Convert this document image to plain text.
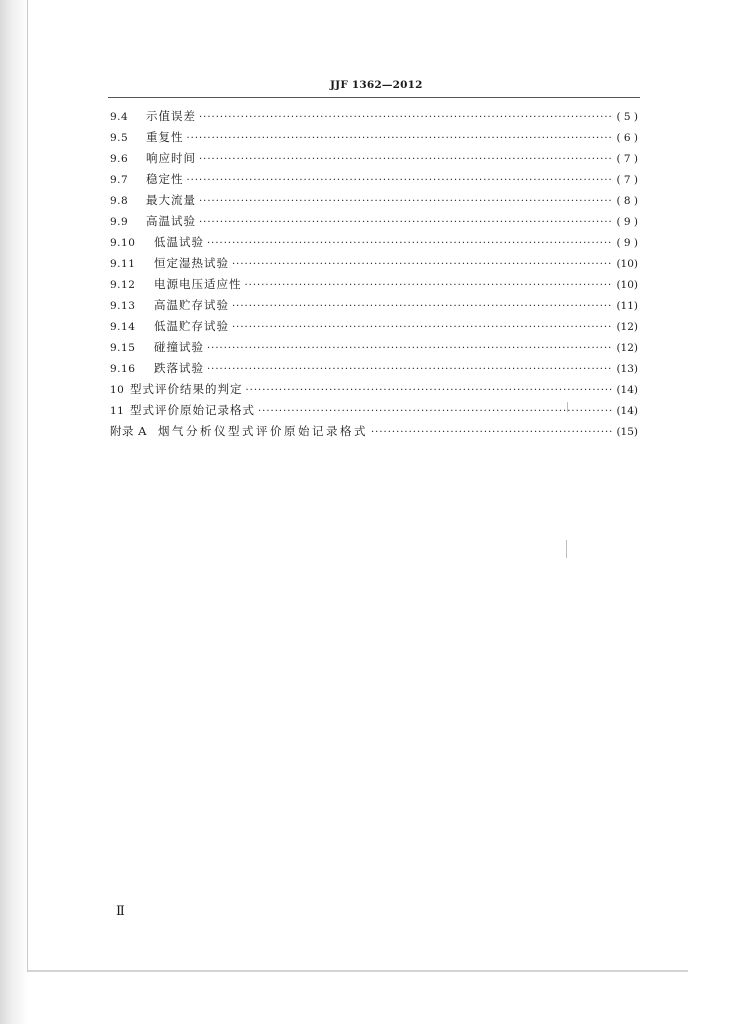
JJF 1362—2012
9.4	示值误差 ·····	( 5 )
9.5	重复性 ·····	( 6 )
9.6	响应时间 ·····	( 7 )
9.7	稳定性 ·····	( 7 )
9.8	最大流量 ·····	( 8 )
9.9	高温试验 ·····	( 9 )
9.10	低温试验 ·····	( 9 )
9.11	恒定湿热试验 ·····	(10)
9.12	电源电压适应性 ·····	(10)
9.13	高温贮存试验 ·····	(11)
9.14	低温贮存试验 ·····	(12)
9.15	碰撞试验 ·····	(12)
9.16	跌落试验 ·····	(13)
10 型式评价结果的判定 ·····	(14)
11 型式评价原始记录格式 ·····	(14)
附录 A 烟气分析仪型式评价原始记录格式 ·····	(15)
Ⅱ
